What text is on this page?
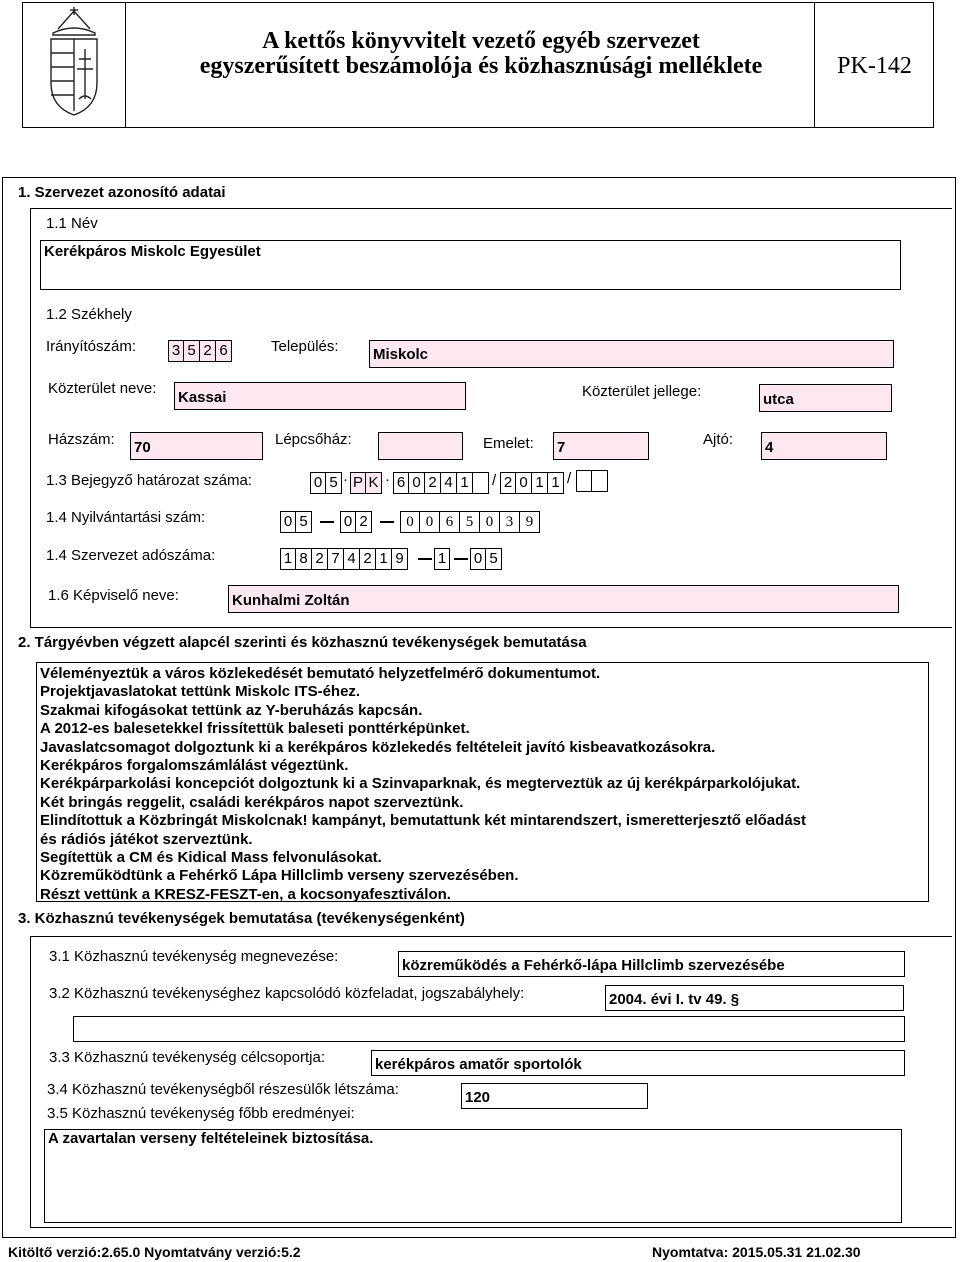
A kettős könyvvitelt vezető egyéb szervezet
egyszerűsített beszámolója és közhasznúsági melléklete	PK-142
1. Szervezet azonosító adatai
1.1 Név
Kerékpáros Miskolc Egyesület
1.2 Székhely
Irányítószám: 3 5 2 6	Település: Miskolc
Közterület neve:
Kassai	Közterület jellege:	utca
Házszám: 70	Lépcsőház:	Emelet: 7	Ajtó: 4
1.3 Bejegyző határozat száma:	0 5 · P K · 6 0 2 4 1 / 2 0 1 1 /
1.4 Nyilvántartási szám:	0 5 0 2	0 0 6 5 0 3 9
1.4 Szervezet adószáma:	1 8 2 7 4 2 1 9 1 0 5
1.6 Képviselő neve:	Kunhalmi Zoltán
2. Tárgyévben végzett alapcél szerinti és közhasznú tevékenységek bemutatása
Véleményeztük a város közlekedését bemutató helyzetfelmérő dokumentumot.
Projektjavaslatokat tettünk Miskolc ITS-éhez.
Szakmai kifogásokat tettünk az Y-beruházás kapcsán.
A 2012-es balesetekkel frissítettük baleseti ponttérképünket.
Javaslatcsomagot dolgoztunk ki a kerékpáros közlekedés feltételeit javító kisbeavatkozásokra.
Kerékpáros forgalomszámlálást végeztünk.
Kerékpárparkolási koncepciót dolgoztunk ki a Szinvaparknak, és megterveztük az új kerékpárparkolójukat.
Két bringás reggelit, családi kerékpáros napot szerveztünk.
Elindítottuk a Közbringát Miskolcnak! kampányt, bemutattunk két mintarendszert, ismeretterjesztő előadást
és rádiós játékot szerveztünk.
Segítettük a CM és Kidical Mass felvonulásokat.
Közreműködtünk a Fehérkő Lápa Hillclimb verseny szervezésében.
Részt vettünk a KRESZ-FESZT-en, a kocsonyafesztiválon.
3. Közhasznú tevékenységek bemutatása (tevékenységenként)
3.1 Közhasznú tevékenység megnevezése:
közreműködés a Fehérkő-lápa Hillclimb szervezésébe
3.2 Közhasznú tevékenységhez kapcsolódó közfeladat, jogszabályhely:	2004. évi I. tv 49. §
3.3 Közhasznú tevékenység célcsoportja:	kerékpáros amatőr sportolók
3.4 Közhasznú tevékenységből részesülők létszáma:	120
3.5 Közhasznú tevékenység főbb eredményei:
A zavartalan verseny feltételeinek biztosítása.
Kitöltő verzió:2.65.0 Nyomtatvány verzió:5.2	Nyomtatva: 2015.05.31 21.02.30
